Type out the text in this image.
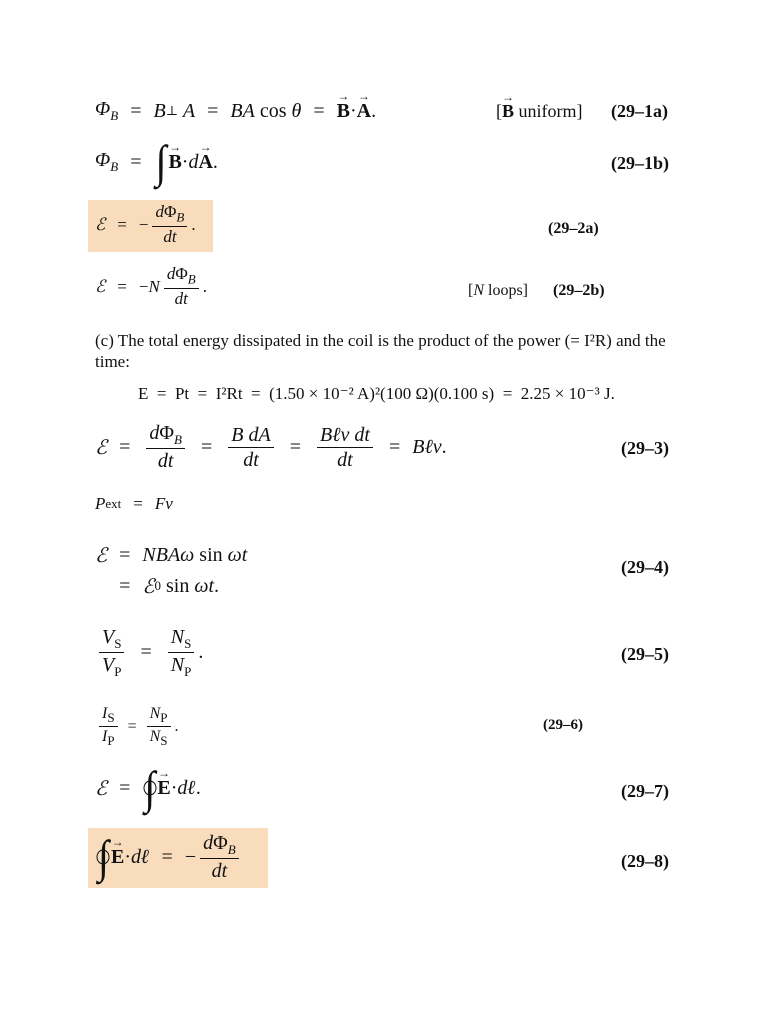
$\Phi_B = B$ ⊥ A = BA cos θ = → B · → A .	[→ B uniform] (29–1a)
$\Phi_B$ = ∫ → B · d → A .	(29–1b)
ℰ = − $\frac{d\Phi_B}{dt}$ .	(29–2a)
ℰ = − N $\frac{d\Phi_B}{dt}$ .	[N loops] (29–2b)
(c) The total energy dissipated in the coil is the product of the power (= I²R) and the time:
E  =  Pt  =  I²Rt  =  (1.50 × 10⁻² A)²(100 Ω)(0.100 s)  =  2.25 × 10⁻³ J.
ℰ = $\frac{d\Phi_B}{dt} = \frac{\text{B dA}}{dt} = \frac{\text{Bℓv dt}}{dt}$ = Bℓv .	(29–3)
P ext = Fv
ℰ = NBAω sin ωt
= ℰ 0 sin ωt .
(29–4)
$\frac{V_S}{V_P} = \frac{N_S}{N_P}$ .	(29–5)
$\frac{I_S}{I_P} = \frac{N_P}{N_S}$ .	(29–6)
ℰ = ∫ → E · d ℓ .	(29–7)
∫ → E · d ℓ = − $\frac{d\Phi_B}{dt}$	(29–8)
